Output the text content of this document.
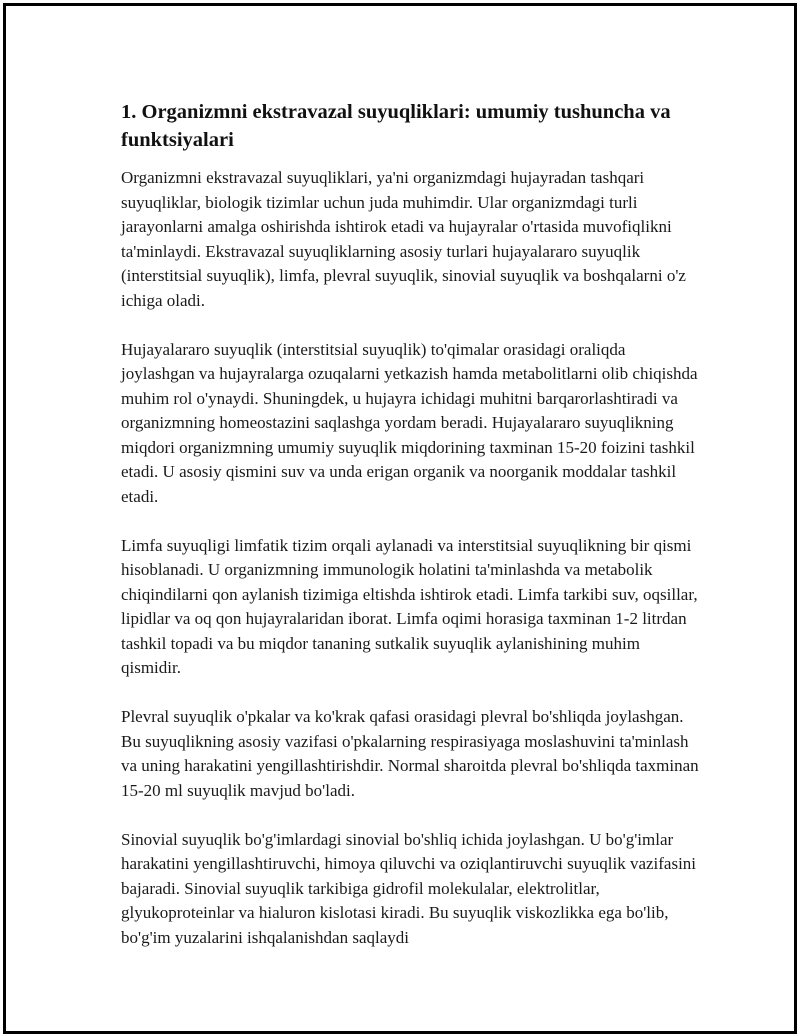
1. Organizmni ekstravazal suyuqliklari: umumiy tushuncha va funktsiyalari

Organizmni ekstravazal suyuqliklari, ya'ni organizmdagi hujayradan tashqari suyuqliklar, biologik tizimlar uchun juda muhimdir. Ular organizmdagi turli jarayonlarni amalga oshirishda ishtirok etadi va hujayralar o'rtasida muvofiqlikni ta'minlaydi. Ekstravazal suyuqliklarning asosiy turlari hujayalararo suyuqlik (interstitsial suyuqlik), limfa, plevral suyuqlik, sinovial suyuqlik va boshqalarni o'z ichiga oladi.

Hujayalararo suyuqlik (interstitsial suyuqlik) to'qimalar orasidagi oraliqda joylashgan va hujayralarga ozuqalarni yetkazish hamda metabolitlarni olib chiqishda muhim rol o'ynaydi. Shuningdek, u hujayra ichidagi muhitni barqarorlashtiradi va organizmning homeostazini saqlashga yordam beradi. Hujayalararo suyuqlikning miqdori organizmning umumiy suyuqlik miqdorining taxminan 15-20 foizini tashkil etadi. U asosiy qismini suv va unda erigan organik va noorganik moddalar tashkil etadi.

Limfa suyuqligi limfatik tizim orqali aylanadi va interstitsial suyuqlikning bir qismi hisoblanadi. U organizmning immunologik holatini ta'minlashda va metabolik chiqindilarni qon aylanish tizimiga eltishda ishtirok etadi. Limfa tarkibi suv, oqsillar, lipidlar va oq qon hujayralaridan iborat. Limfa oqimi horasiga taxminan 1-2 litrdan tashkil topadi va bu miqdor tananing sutkalik suyuqlik aylanishining muhim qismidir.

Plevral suyuqlik o'pkalar va ko'krak qafasi orasidagi plevral bo'shliqda joylashgan. Bu suyuqlikning asosiy vazifasi o'pkalarning respirasiyaga moslashuvini ta'minlash va uning harakatini yengillashtirishdir. Normal sharoitda plevral bo'shliqda taxminan 15-20 ml suyuqlik mavjud bo'ladi.

Sinovial suyuqlik bo'g'imlardagi sinovial bo'shliq ichida joylashgan. U bo'g'imlar harakatini yengillashtiruvchi, himoya qiluvchi va oziqlantiruvchi suyuqlik vazifasini bajaradi. Sinovial suyuqlik tarkibiga gidrofil molekulalar, elektrolitlar, glyukoproteinlar va hialuron kislotasi kiradi. Bu suyuqlik viskozlikka ega bo'lib, bo'g'im yuzalarini ishqalanishdan saqlaydi
